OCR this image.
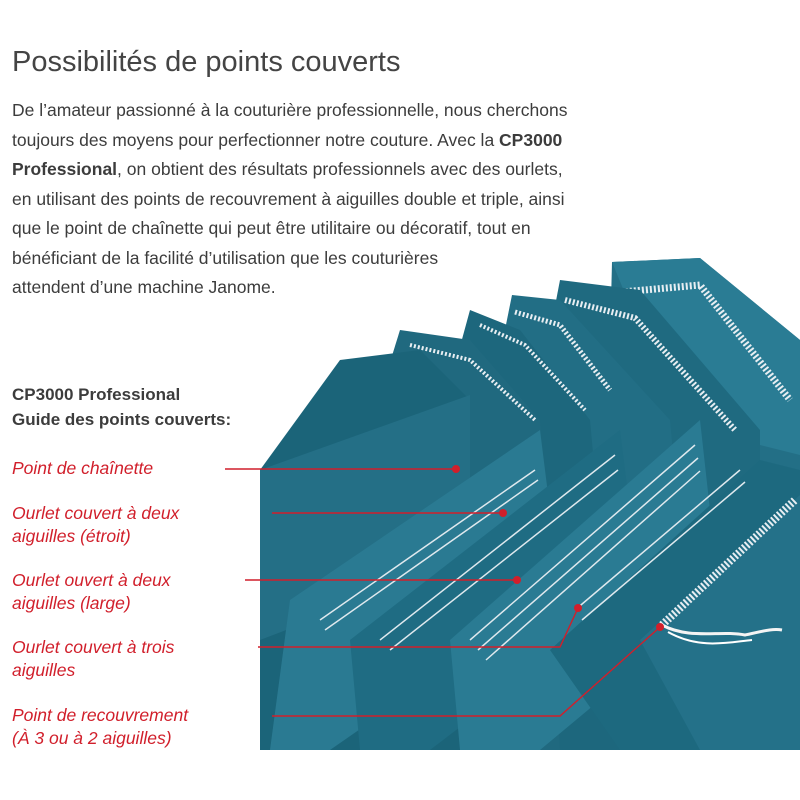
Possibilités de points couverts
De l’amateur passionné à la couturière professionnelle, nous cherchons
toujours des moyens pour perfectionner notre couture. Avec la CP3000
Professional, on obtient des résultats professionnels avec des ourlets,
en utilisant des points de recouvrement à aiguilles double et triple, ainsi
que le point de chaînette qui peut être utilitaire ou décoratif, tout en
bénéficiant de la facilité d’utilisation que les couturières
attendent d’une machine Janome.
CP3000 Professional
Guide des points couverts:
Point de chaînette
Ourlet couvert à deux
aiguilles (étroit)
Ourlet ouvert à deux
aiguilles (large)
Ourlet couvert à trois
aiguilles
Point de recouvrement
(À 3 ou à 2 aiguilles)
